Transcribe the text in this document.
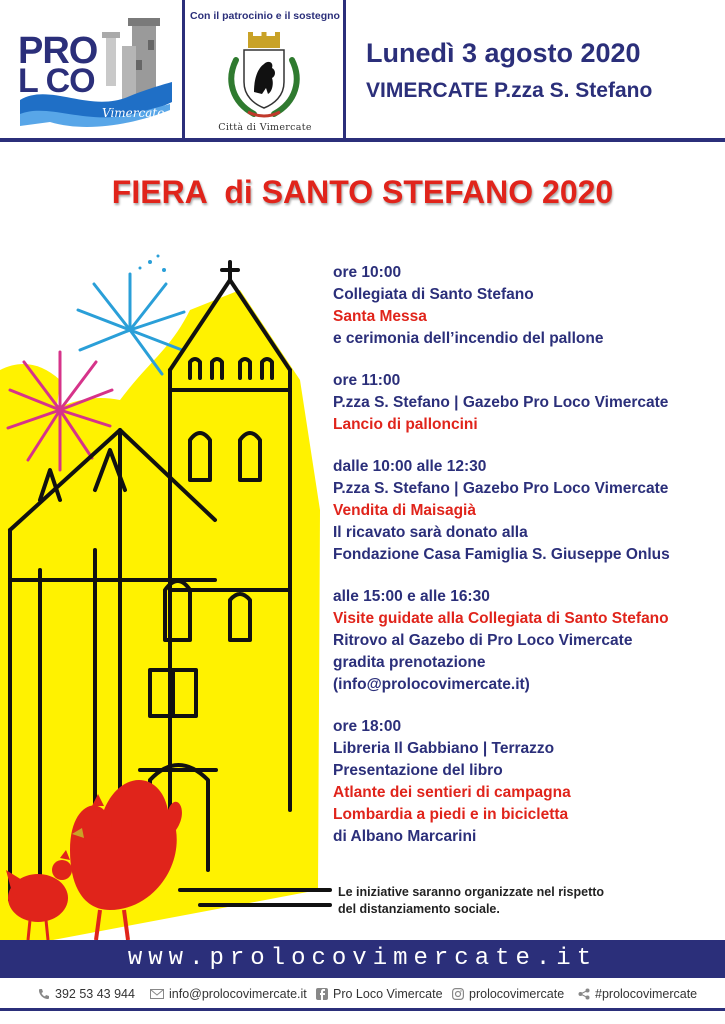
PRO
L CO
Vimercate
Con il patrocinio e il sostegno
Città di Vimercate
Lunedì 3 agosto 2020
VIMERCATE P.zza S. Stefano
FIERA  di SANTO STEFANO 2020
ore 10:00
Collegiata di Santo Stefano
Santa Messa
e cerimonia dell’incendio del pallone
ore 11:00
P.zza S. Stefano | Gazebo Pro Loco Vimercate
Lancio di palloncini
dalle 10:00 alle 12:30
P.zza S. Stefano | Gazebo Pro Loco Vimercate
Vendita di Maisagià
Il ricavato sarà donato alla
Fondazione Casa Famiglia S. Giuseppe Onlus
alle 15:00 e alle 16:30
Visite guidate alla Collegiata di Santo Stefano
Ritrovo al Gazebo di Pro Loco Vimercate
gradita prenotazione
(info@prolocovimercate.it)
ore 18:00
Libreria Il Gabbiano | Terrazzo
Presentazione del libro
Atlante dei sentieri di campagna
Lombardia a piedi e in bicicletta
di Albano Marcarini
Le iniziative saranno organizzate nel rispetto
del distanziamento sociale.
www.prolocovimercate.it
392 53 43 944	info@prolocovimercate.it Pro Loco Vimercate prolocovimercate #prolocovimercate
